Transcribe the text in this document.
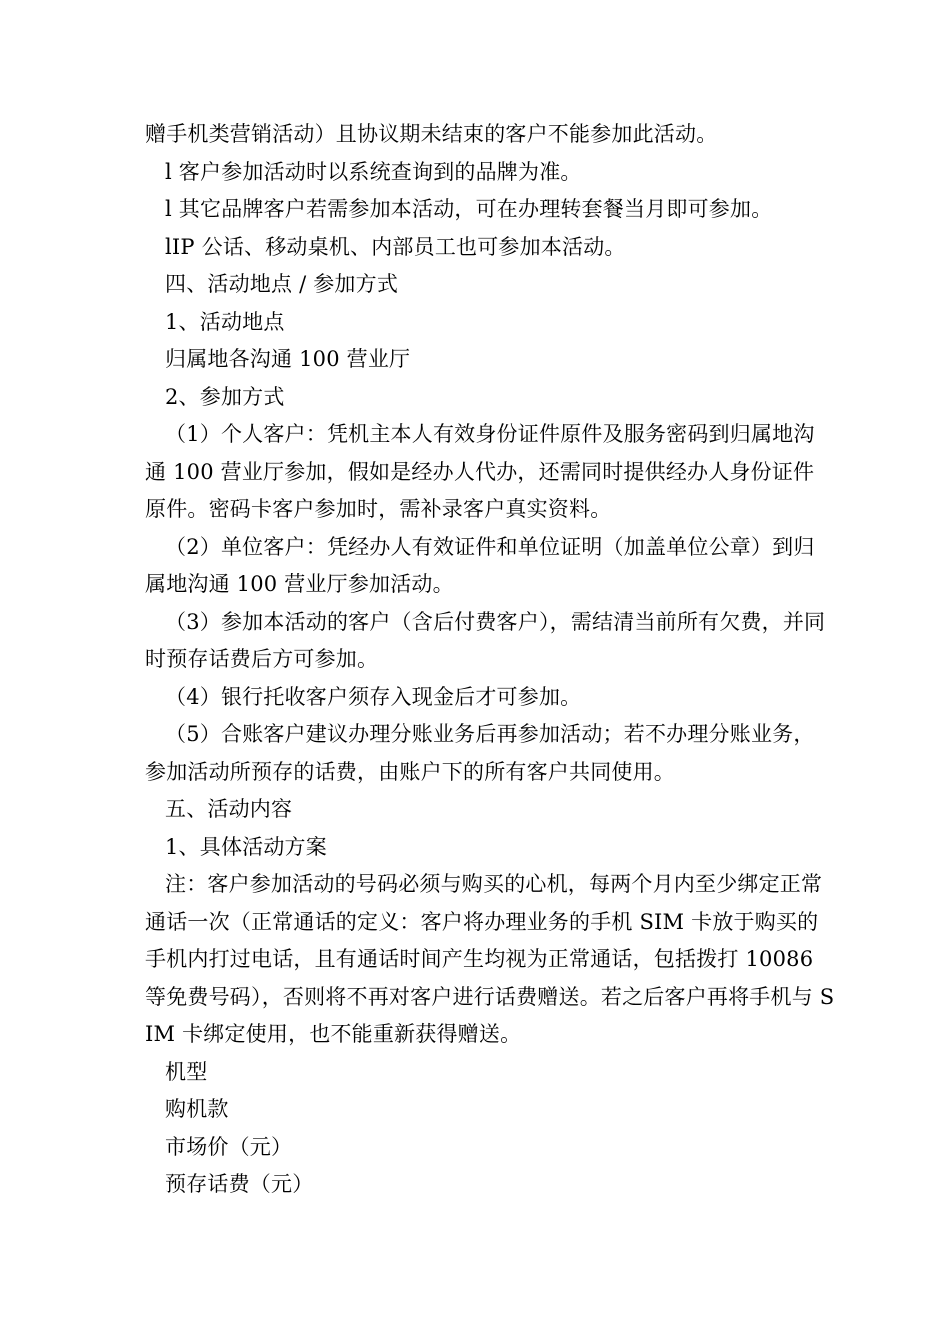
赠手机类营销活动）且协议期未结束的客户不能参加此活动。

l 客户参加活动时以系统查询到的品牌为准。

l 其它品牌客户若需参加本活动，可在办理转套餐当月即可参加。

lIP 公话、移动桌机、内部员工也可参加本活动。

四、活动地点 / 参加方式

1、活动地点

归属地各沟通 100 营业厅

2、参加方式

（1）个人客户：凭机主本人有效身份证件原件及服务密码到归属地沟通 100 营业厅参加，假如是经办人代办，还需同时提供经办人身份证件原件。密码卡客户参加时，需补录客户真实资料。

（2）单位客户：凭经办人有效证件和单位证明（加盖单位公章）到归属地沟通 100 营业厅参加活动。

（3）参加本活动的客户（含后付费客户），需结清当前所有欠费，并同时预存话费后方可参加。

（4）银行托收客户须存入现金后才可参加。

（5）合账客户建议办理分账业务后再参加活动；若不办理分账业务，参加活动所预存的话费，由账户下的所有客户共同使用。

五、活动内容

1、具体活动方案

注：客户参加活动的号码必须与购买的心机，每两个月内至少绑定正常通话一次（正常通话的定义：客户将办理业务的手机 SIM 卡放于购买的手机内打过电话，且有通话时间产生均视为正常通话，包括拨打 10086 等免费号码），否则将不再对客户进行话费赠送。若之后客户再将手机与 SIM 卡绑定使用，也不能重新获得赠送。

机型

购机款

市场价（元）

预存话费（元）
